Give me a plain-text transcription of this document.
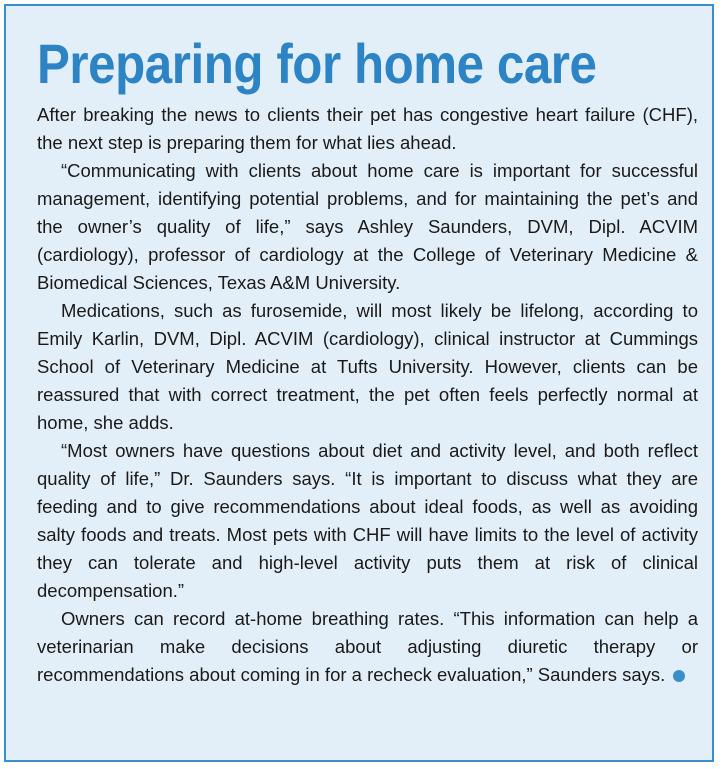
Preparing for home care

After breaking the news to clients their pet has congestive heart failure (CHF), the next step is preparing them for what lies ahead.

“Communicating with clients about home care is important for successful management, identifying potential problems, and for maintaining the pet’s and the owner’s quality of life,” says Ashley Saunders, DVM, Dipl. ACVIM (cardiology), professor of cardiology at the College of Veterinary Medicine & Biomedical Sciences, Texas A&M University.

Medications, such as furosemide, will most likely be lifelong, according to Emily Karlin, DVM, Dipl. ACVIM (cardiology), clinical instructor at Cummings School of Veterinary Medicine at Tufts University. However, clients can be reassured that with correct treatment, the pet often feels perfectly normal at home, she adds.

“Most owners have questions about diet and activity level, and both reflect quality of life,” Dr. Saunders says. “It is important to discuss what they are feeding and to give recommendations about ideal foods, as well as avoiding salty foods and treats. Most pets with CHF will have limits to the level of activity they can tolerate and high-level activity puts them at risk of clinical decompensation.”

Owners can record at-home breathing rates. “This information can help a veterinarian make decisions about adjusting diuretic therapy or recommendations about coming in for a recheck evaluation,” Saunders says.
